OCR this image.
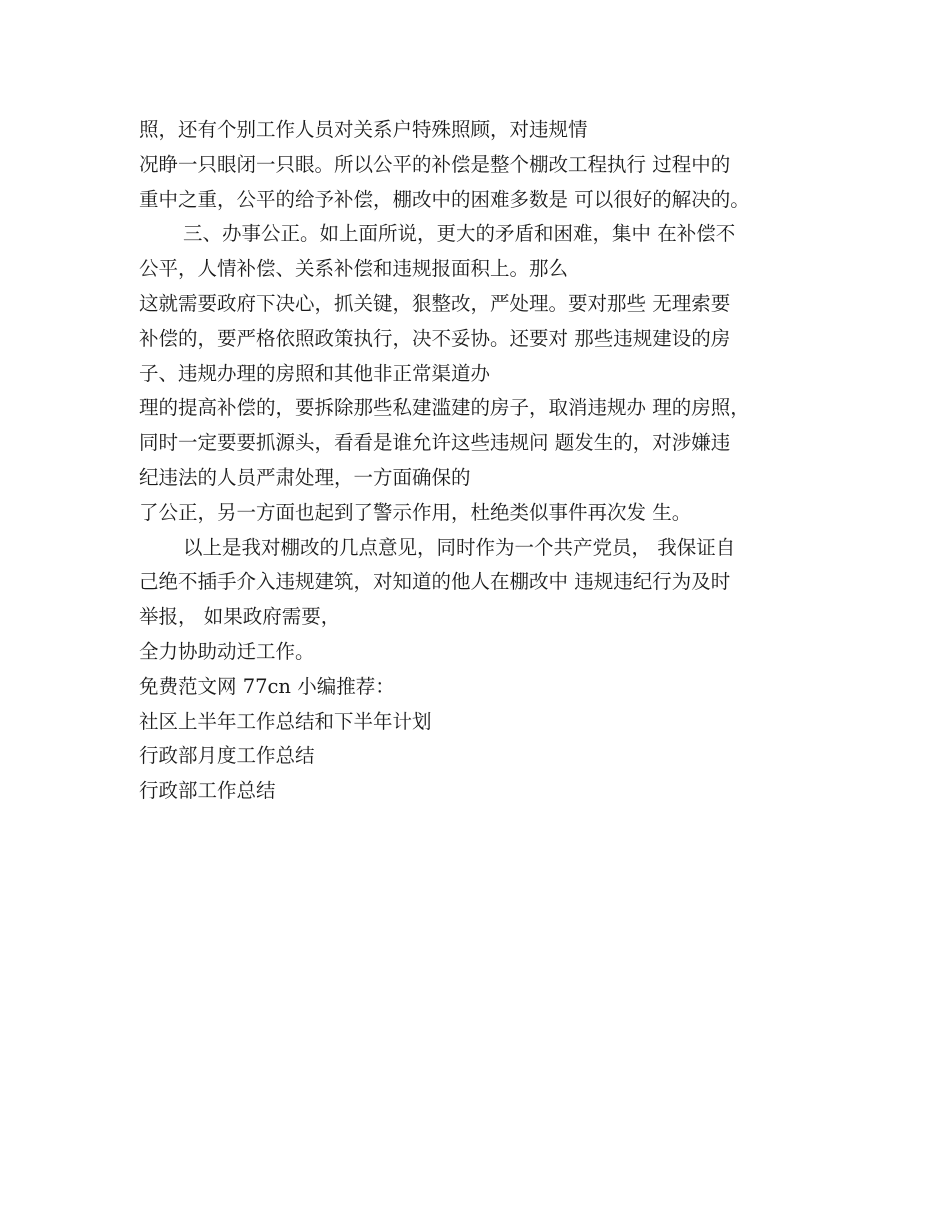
照，还有个别工作人员对关系户特殊照顾，对违规情
况睁一只眼闭一只眼。所以公平的补偿是整个棚改工程执行 过程中的
重中之重，公平的给予补偿，棚改中的困难多数是 可以很好的解决的。
三、办事公正。如上面所说，更大的矛盾和困难，集中 在补偿不
公平，人情补偿、关系补偿和违规报面积上。那么
这就需要政府下决心，抓关键，狠整改，严处理。要对那些 无理索要
补偿的，要严格依照政策执行，决不妥协。还要对 那些违规建设的房
子、违规办理的房照和其他非正常渠道办
理的提高补偿的，要拆除那些私建滥建的房子，取消违规办 理的房照，
同时一定要要抓源头，看看是谁允许这些违规问 题发生的，对涉嫌违
纪违法的人员严肃处理，一方面确保的
了公正，另一方面也起到了警示作用，杜绝类似事件再次发 生。
以上是我对棚改的几点意见，同时作为一个共产党员， 我保证自
己绝不插手介入违规建筑，对知道的他人在棚改中 违规违纪行为及时
举报， 如果政府需要，
全力协助动迁工作。
免费范文网 77cn 小编推荐：
社区上半年工作总结和下半年计划
行政部月度工作总结
行政部工作总结
